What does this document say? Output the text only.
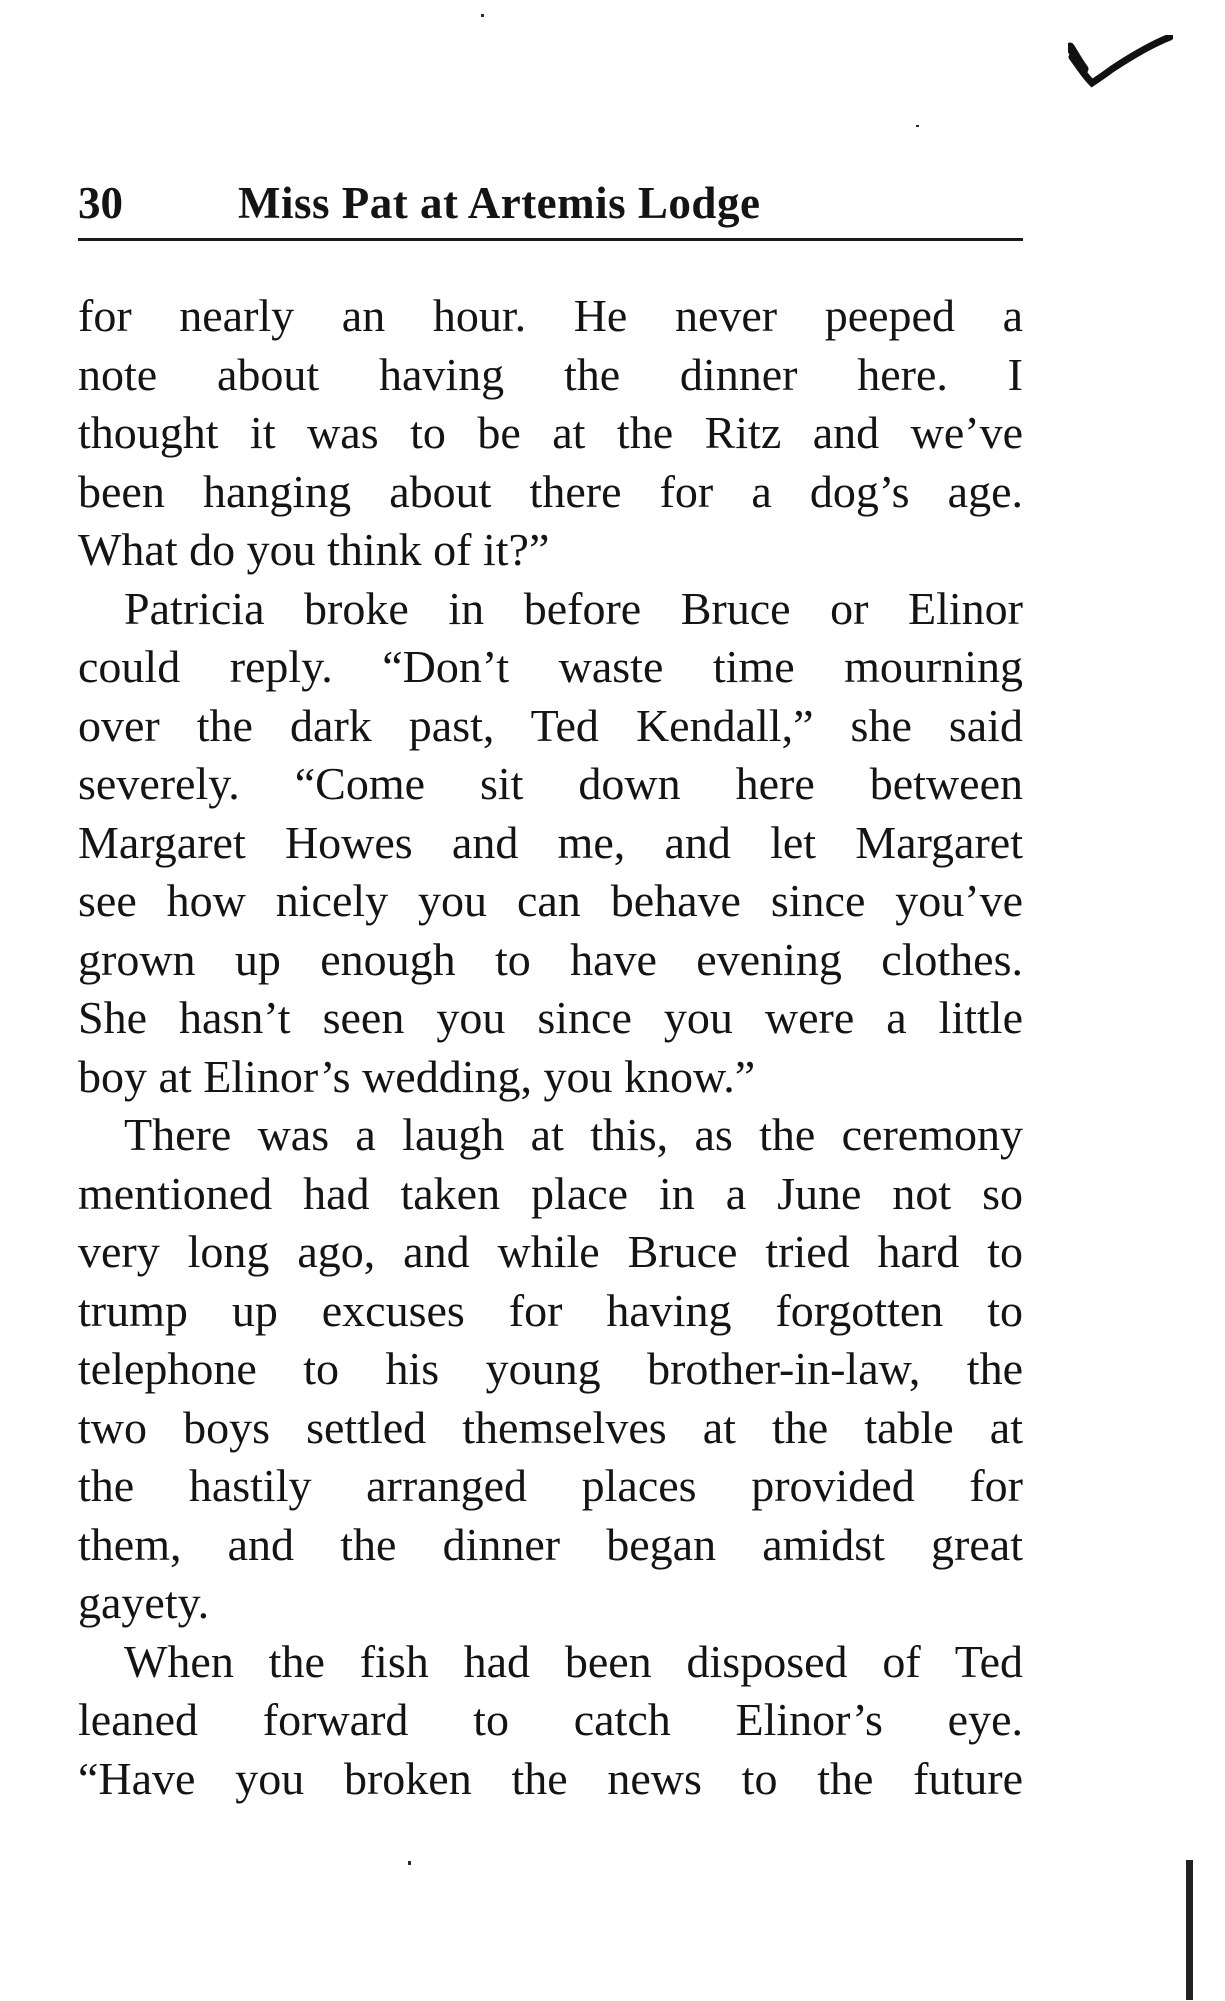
30	Miss Pat at Artemis Lodge
for nearly an hour. He never peeped a
note about having the dinner here. I
thought it was to be at the Ritz and we’ve
been hanging about there for a dog’s age.
What do you think of it?”
Patricia broke in before Bruce or Elinor
could reply. “Don’t waste time mourning
over the dark past, Ted Kendall,” she said
severely. “Come sit down here between
Margaret Howes and me, and let Margaret
see how nicely you can behave since you’ve
grown up enough to have evening clothes.
She hasn’t seen you since you were a little
boy at Elinor’s wedding, you know.”
There was a laugh at this, as the ceremony
mentioned had taken place in a June not so
very long ago, and while Bruce tried hard to
trump up excuses for having forgotten to
telephone to his young brother-in-law, the
two boys settled themselves at the table at
the hastily arranged places provided for
them, and the dinner began amidst great
gayety.
When the fish had been disposed of Ted
leaned forward to catch Elinor’s eye.
“Have you broken the news to the future
